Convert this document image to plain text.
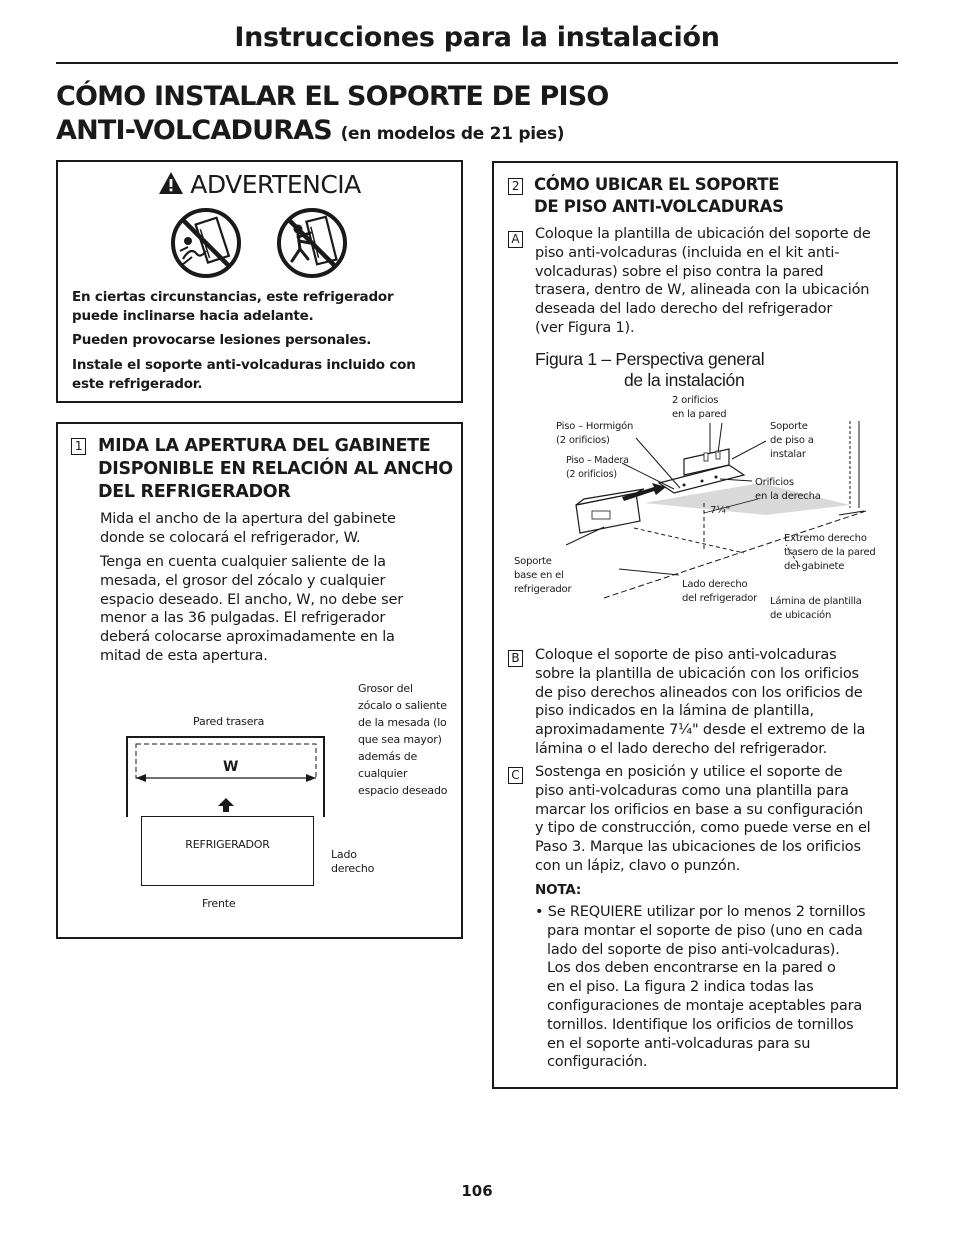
Instrucciones para la instalación
CÓMO INSTALAR EL SOPORTE DE PISO
ANTI-VOLCADURAS (en modelos de 21 pies)
ADVERTENCIA
En ciertas circunstancias, este refrigerador
puede inclinarse hacia adelante.
Pueden provocarse lesiones personales.
Instale el soporte anti-volcaduras incluido con
este refrigerador.
1 MIDA LA APERTURA DEL GABINETE
DISPONIBLE EN RELACIÓN AL ANCHO
DEL REFRIGERADOR
Mida el ancho de la apertura del gabinete
donde se colocará el refrigerador, W.
Tenga en cuenta cualquier saliente de la
mesada, el grosor del zócalo y cualquier
espacio deseado. El ancho, W, no debe ser
menor a las 36 pulgadas. El refrigerador
deberá colocarse aproximadamente en la
mitad de esta apertura.
Pared trasera
W
REFRIGERADOR
Lado
derecho
Frente
Grosor del
zócalo o saliente
de la mesada (lo
que sea mayor)
además de
cualquier
espacio deseado
2 CÓMO UBICAR EL SOPORTE
DE PISO ANTI-VOLCADURAS
A Coloque la plantilla de ubicación del soporte de
piso anti-volcaduras (incluida en el kit anti-
volcaduras) sobre el piso contra la pared
trasera, dentro de W, alineada con la ubicación
deseada del lado derecho del refrigerador
(ver Figura 1).
Figura 1 – Perspectiva general
de la instalación
2 orificios
en la pared
Piso – Hormigón
(2 orificios)
Piso – Madera
(2 orificios)
Soporte
de piso a
instalar
Orificios
en la derecha
7¼"
Extremo derecho
trasero de la pared
del gabinete
Soporte
base en el
refrigerador	Lado derecho
del refrigerador Lámina de plantilla
de ubicación
B Coloque el soporte de piso anti-volcaduras
sobre la plantilla de ubicación con los orificios
de piso derechos alineados con los orificios de
piso indicados en la lámina de plantilla,
aproximadamente 7¼" desde el extremo de la
lámina o el lado derecho del refrigerador.
C Sostenga en posición y utilice el soporte de
piso anti-volcaduras como una plantilla para
marcar los orificios en base a su configuración
y tipo de construcción, como puede verse en el
Paso 3. Marque las ubicaciones de los orificios
con un lápiz, clavo o punzón.
NOTA:
• Se REQUIERE utilizar por lo menos 2 tornillos
para montar el soporte de piso (uno en cada
lado del soporte de piso anti-volcaduras).
Los dos deben encontrarse en la pared o
en el piso. La figura 2 indica todas las
configuraciones de montaje aceptables para
tornillos. Identifique los orificios de tornillos
en el soporte anti-volcaduras para su
configuración.
106
